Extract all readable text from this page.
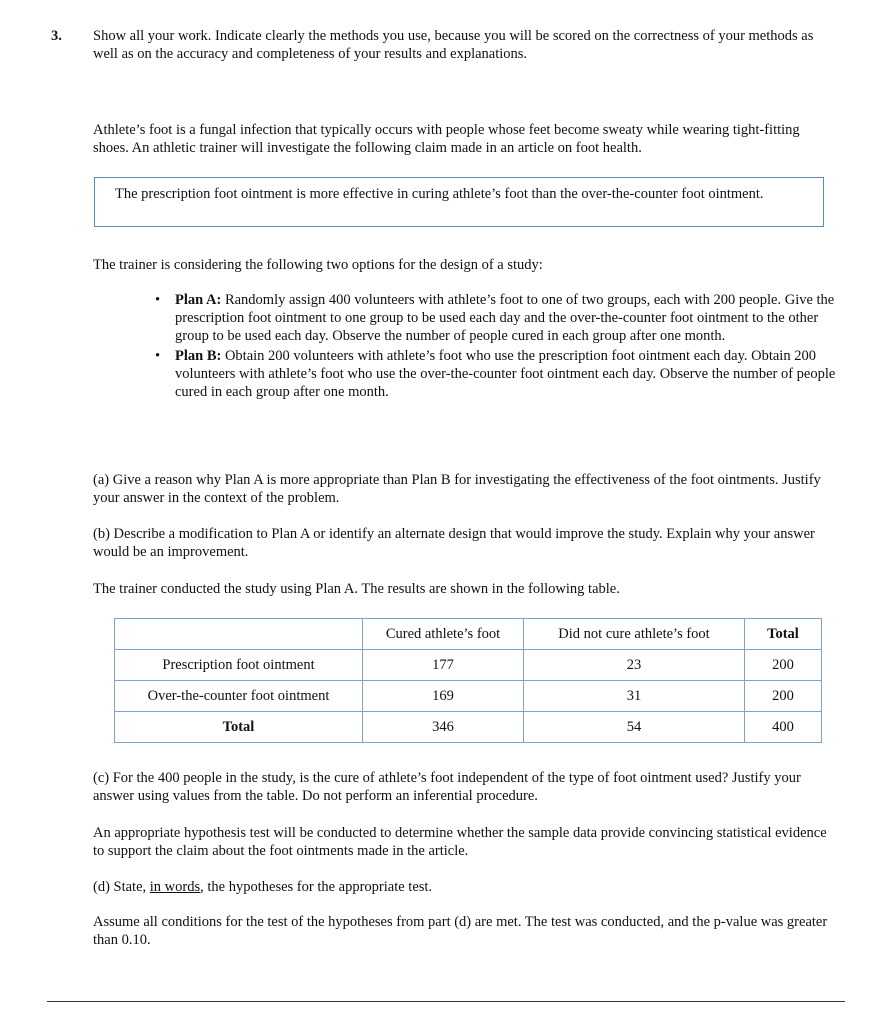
3. Show all your work. Indicate clearly the methods you use, because you will be scored on the correctness of your methods as well as on the accuracy and completeness of your results and explanations.
Athlete’s foot is a fungal infection that typically occurs with people whose feet become sweaty while wearing tight-fitting shoes. An athletic trainer will investigate the following claim made in an article on foot health.
The prescription foot ointment is more effective in curing athlete’s foot than the over-the-counter foot ointment.
The trainer is considering the following two options for the design of a study:
• Plan A: Randomly assign 400 volunteers with athlete’s foot to one of two groups, each with 200 people. Give the prescription foot ointment to one group to be used each day and the over-the-counter foot ointment to the other group to be used each day. Observe the number of people cured in each group after one month.
• Plan B: Obtain 200 volunteers with athlete’s foot who use the prescription foot ointment each day. Obtain 200 volunteers with athlete’s foot who use the over-the-counter foot ointment each day. Observe the number of people cured in each group after one month.
(a) Give a reason why Plan A is more appropriate than Plan B for investigating the effectiveness of the foot ointments. Justify your answer in the context of the problem.
(b) Describe a modification to Plan A or identify an alternate design that would improve the study. Explain why your answer would be an improvement.
The trainer conducted the study using Plan A. The results are shown in the following table.
	Cured athlete’s foot	Did not cure athlete’s foot	Total
Prescription foot ointment	177	23	200
Over-the-counter foot ointment	169	31	200
Total	346	54	400
(c) For the 400 people in the study, is the cure of athlete’s foot independent of the type of foot ointment used? Justify your answer using values from the table. Do not perform an inferential procedure.
An appropriate hypothesis test will be conducted to determine whether the sample data provide convincing statistical evidence to support the claim about the foot ointments made in the article.
(d) State, in words, the hypotheses for the appropriate test.
Assume all conditions for the test of the hypotheses from part (d) are met. The test was conducted, and the p-value was greater than 0.10.
